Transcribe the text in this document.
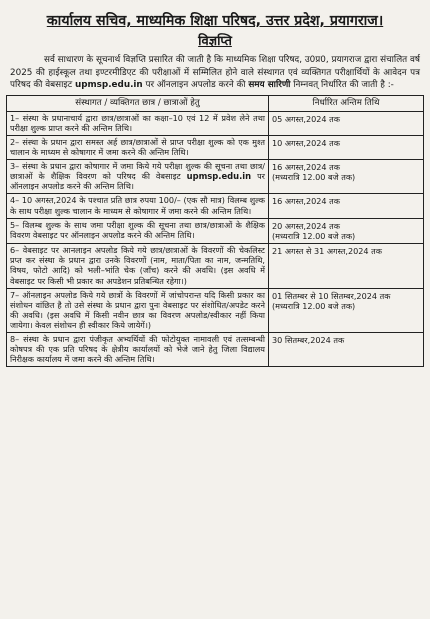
कार्यालय सचिव, माध्यमिक शिक्षा परिषद, उत्तर प्रदेश, प्रयागराज।
विज्ञप्ति

सर्व साधारण के सूचनार्थ विज्ञप्ति प्रसारित की जाती है कि माध्यमिक शिक्षा परिषद, उ0प्र0, प्रयागराज द्वारा संचालित वर्ष 2025 की हाईस्कूल तथा इण्टरमीडिएट की परीक्षाओं में सम्मिलित होने वाले संस्थागत एवं व्यक्तिगत परीक्षार्थियों के आवेदन पत्र परिषद की वेबसाइट upmsp.edu.in पर ऑनलाइन अपलोड करने की समय सारिणी निम्नवत् निर्धारित की जाती है :-

संस्थागत / व्यक्तिगत छात्र / छात्राओं हेतु	निर्धारित अन्तिम तिथि
1– संस्था के प्रधानाचार्य द्वारा छात्र/छात्राओं का कक्षा–10 एवं 12 में प्रवेश लेने तथा परीक्षा शुल्क प्राप्त करने की अन्तिम तिथि।	05 अगस्त,2024 तक

2– संस्था के प्रधान द्वारा समस्त अर्ह छात्र/छात्राओं से प्राप्त परीक्षा शुल्क को एक मुश्त चालान के माध्यम से कोषागार में जमा करने की अन्तिम तिथि।	10 अगस्त,2024 तक

3– संस्था के प्रधान द्वारा कोषागार में जमा किये गये परीक्षा शुल्क की सूचना तथा छात्र/छात्राओं के शैक्षिक विवरण को परिषद की वेबसाइट upmsp.edu.in पर ऑनलाइन अपलोड करने की अन्तिम तिथि।	16 अगस्त,2024 तक
(मध्यरात्रि 12.00 बजे तक)

4– 10 अगस्त,2024 के पश्चात प्रति छात्र रुपया 100/– (एक सौ मात्र) विलम्ब शुल्क के साथ परीक्षा शुल्क चालान के माध्यम से कोषागार में जमा करने की अन्तिम तिथि।	16 अगस्त,2024 तक

5– विलम्ब शुल्क के साथ जमा परीक्षा शुल्क की सूचना तथा छात्र/छात्राओं के शैक्षिक विवरण वेबसाइट पर ऑनलाइन अपलोड करने की अन्तिम तिथि।	20 अगस्त,2024 तक
(मध्यरात्रि 12.00 बजे तक)

6– वेबसाइट पर आनलाइन अपलोड किये गये छात्र/छात्राओं के विवरणों की चेकलिस्ट प्रप्त कर संस्था के प्रधान द्वारा उनके विवरणों (नाम, माता/पिता का नाम, जन्मतिथि, विषय, फोटो आदि) को भली–भांति चेक (जाँच) करने की अवधि। (इस अवधि में वेबसाइट पर किसी भी प्रकार का अपडेशन प्रतिबन्धित रहेगा।)	21 अगस्त से 31 अगस्त,2024 तक

7– ऑनलाइन अपलोड किये गये छात्रों के विवरणों में जांचोपरान्त यदि किसी प्रकार का संशोधन वांछित है तो उसे संस्था के प्रधान द्वारा पुनः वेबसाइट पर संशोधित/अपडेट करने की अवधि। (इस अवधि में किसी नवीन छात्र का विवरण अपलोड/स्वीकार नहीं किया जायेगा। केवल संशोधन ही स्वीकार किये जायेगें।)	01 सितम्बर से 10 सितम्बर,2024 तक
(मध्यरात्रि 12.00 बजे तक)

8– संस्था के प्रधान द्वारा पंजीकृत अभ्यर्थियों की फोटोयुक्त नामावली एवं तत्सम्बन्धी कोषपत्र की एक प्रति परिषद के क्षेत्रीय कार्यालयों को भेजे जाने हेतु जिला विद्यालय निरीक्षक कार्यालय में जमा करने की अन्तिम तिथि।	30 सितम्बर,2024 तक
